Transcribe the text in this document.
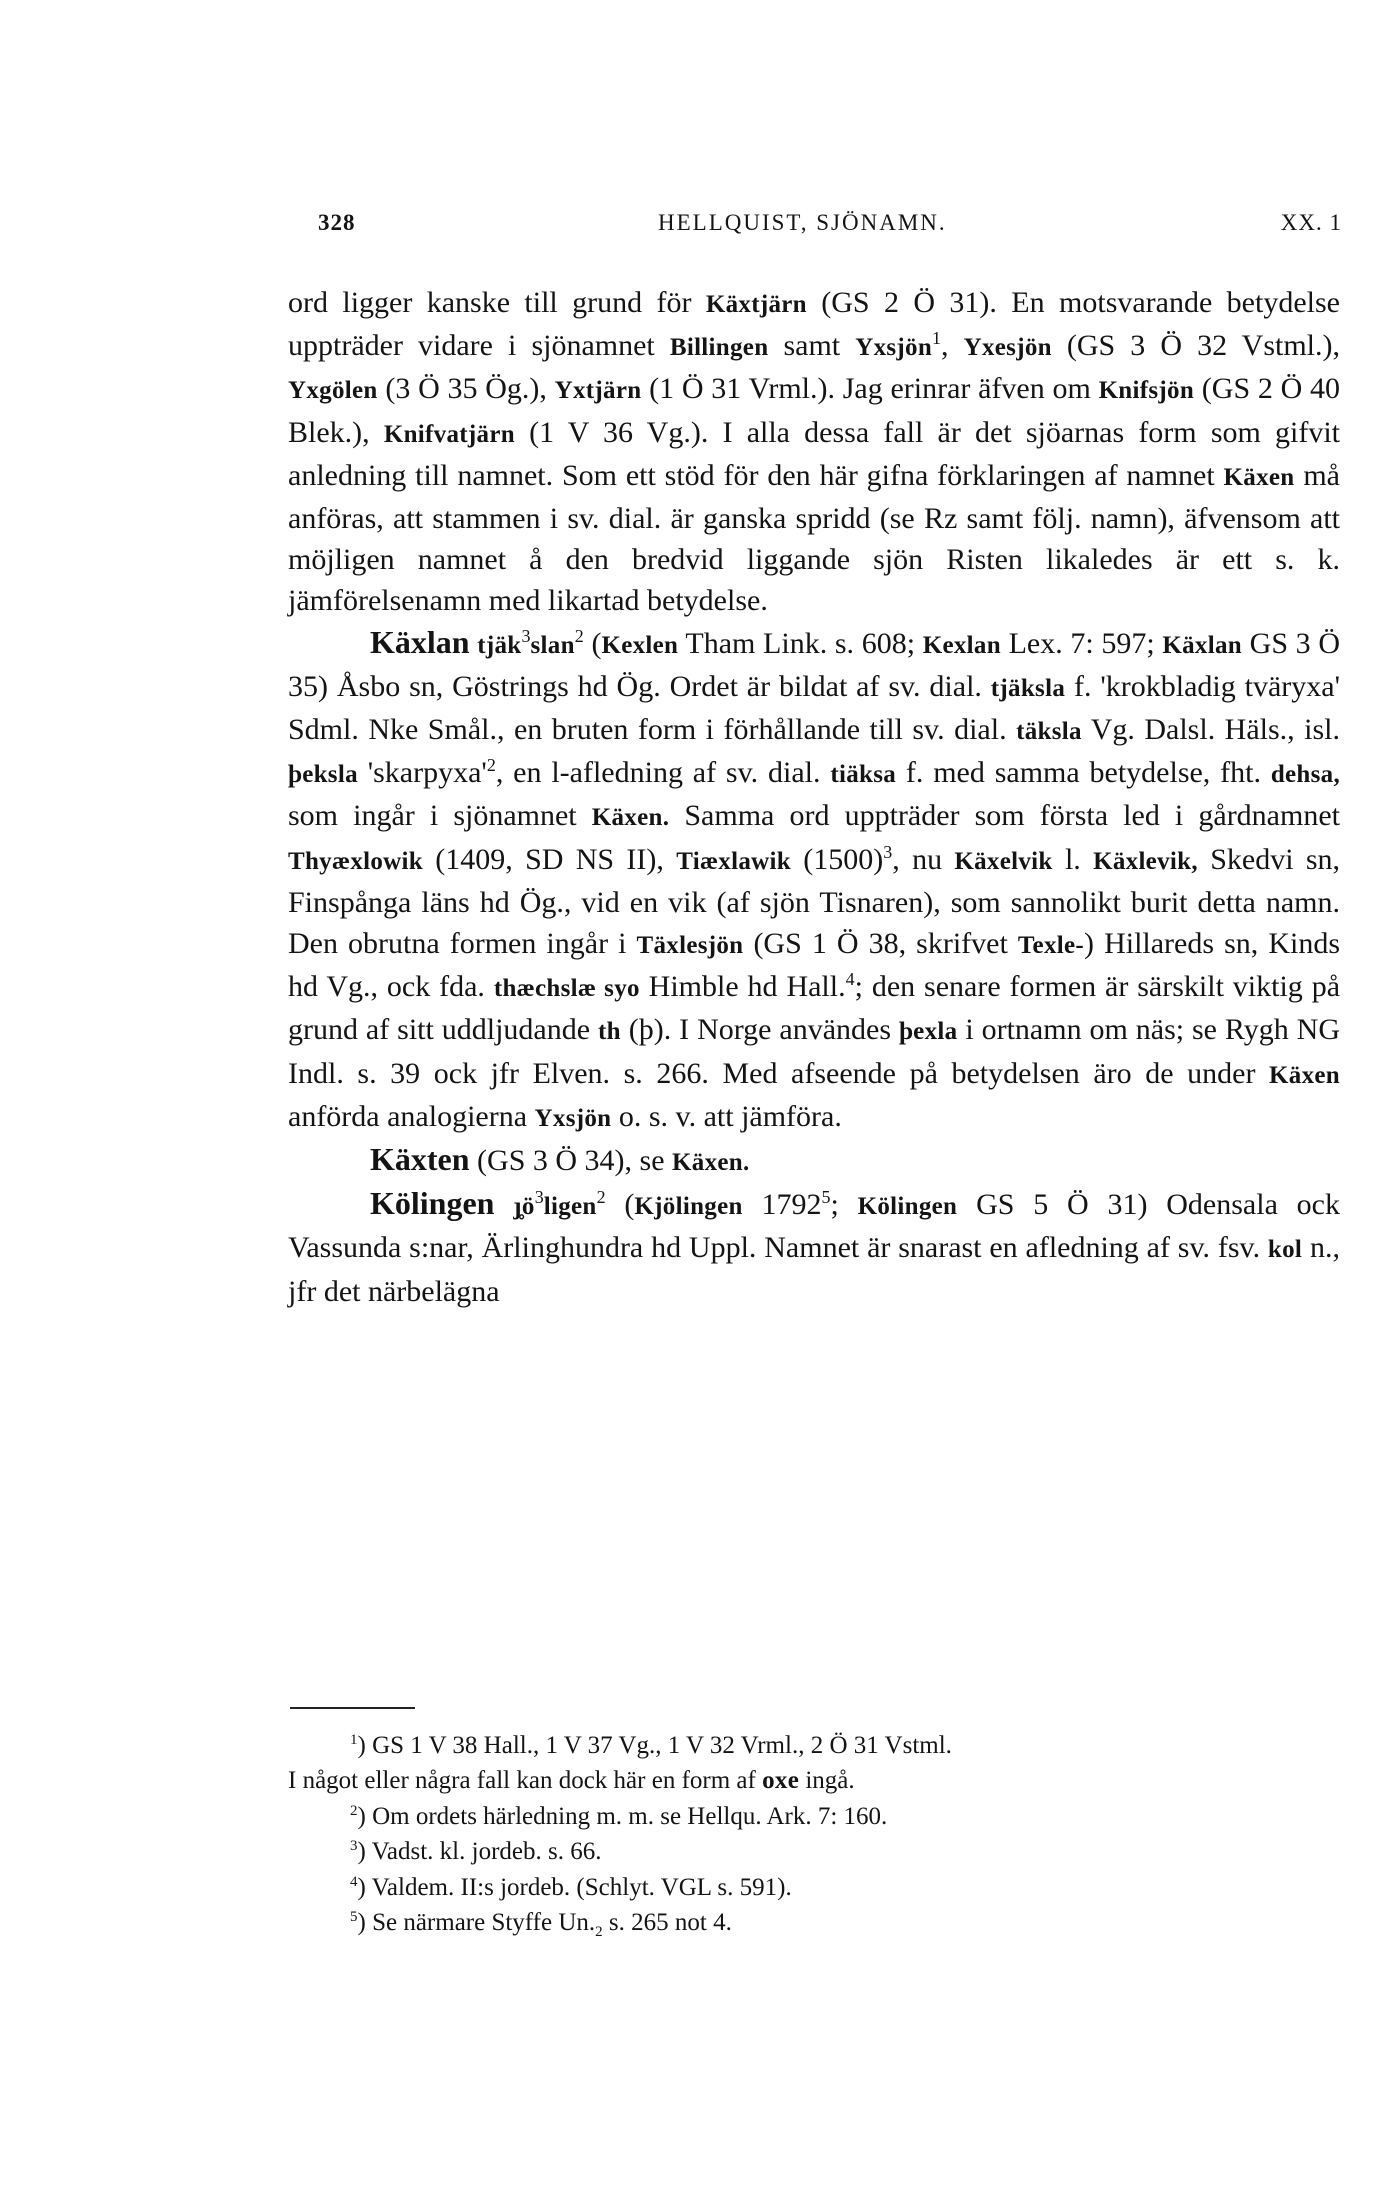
328	HELLQUIST, SJÖNAMN.	XX. 1

ord ligger kanske till grund för Käxtjärn (GS 2 Ö 31). En motsvarande betydelse uppträder vidare i sjönamnet Billingen samt Yxsjön$^1$, Yxesjön (GS 3 Ö 32 Vstml.), Yxgölen (3 Ö 35 Ög.), Yxtjärn (1 Ö 31 Vrml.). Jag erinrar äfven om Knifsjön (GS 2 Ö 40 Blek.), Knifvatjärn (1 V 36 Vg.). I alla dessa fall är det sjöarnas form som gifvit anledning till namnet. Som ett stöd för den här gifna förklaringen af namnet Käxen må anföras, att stammen i sv. dial. är ganska spridd (se Rz samt följ. namn), äfvensom att möjligen namnet å den bredvid liggande sjön Risten likaledes är ett s. k. jämförelsenamn med likartad betydelse.

Käxlan tjäk$^3$slan$^2$ (Kexlen Tham Link. s. 608; Kexlan Lex. 7: 597; Käxlan GS 3 Ö 35) Åsbo sn, Göstrings hd Ög. Ordet är bildat af sv. dial. tjäksla f. 'krokbladig tväryxa' Sdml. Nke Smål., en bruten form i förhållande till sv. dial. täksla Vg. Dalsl. Häls., isl. þeksla '$skarpyxa'^2$, en l-afledning af sv. dial. tiäksa f. med samma betydelse, fht. dehsa, som ingår i sjönamnet Käxen. Samma ord uppträder som första led i gårdnamnet Thyæxlowik (1409, SD NS II), Tiæxlawik $(1500)^3$, nu Käxelvik l. Käxlevik, Skedvi sn, Finspånga läns hd Ög., vid en vik (af sjön Tisnaren), som sannolikt burit detta namn. Den obrutna formen ingår i Täxlesjön (GS 1 Ö 38, skrifvet Texle-) Hillareds sn, Kinds hd Vg., ock fda. thæchslæ syo Himble hd Hall.$^4$; den senare formen är särskilt viktig på grund af sitt uddljudande th (þ). I Norge användes þexla i ortnamn om näs; se Rygh NG Indl. s. 39 ock jfr Elven. s. 266. Med afseende på betydelsen äro de under Käxen anförda analogierna Yxsjön o. s. v. att jämföra.

Käxten (GS 3 Ö 34), se Käxen.

Kölingen $ȷ̥ö^3ligen^2$ (Kjölingen 1792$^5$; Kölingen GS 5 Ö 31) Odensala ock Vassunda s:nar, Ärlinghundra hd Uppl. Namnet är snarast en afledning af sv. fsv. kol n., jfr det närbelägna

$^1$) GS 1 V 38 Hall., 1 V 37 Vg., 1 V 32 Vrml., 2 Ö 31 Vstml.

I något eller några fall kan dock här en form af oxe ingå.

$^2$) Om ordets härledning m. m. se Hellqu. Ark. 7: 160.

$^3$) Vadst. kl. jordeb. s. 66.

$^4$) Valdem. II:s jordeb. (Schlyt. VGL s. 591).

$^5$) Se närmare Styffe $Un._2$ s. 265 not 4.
